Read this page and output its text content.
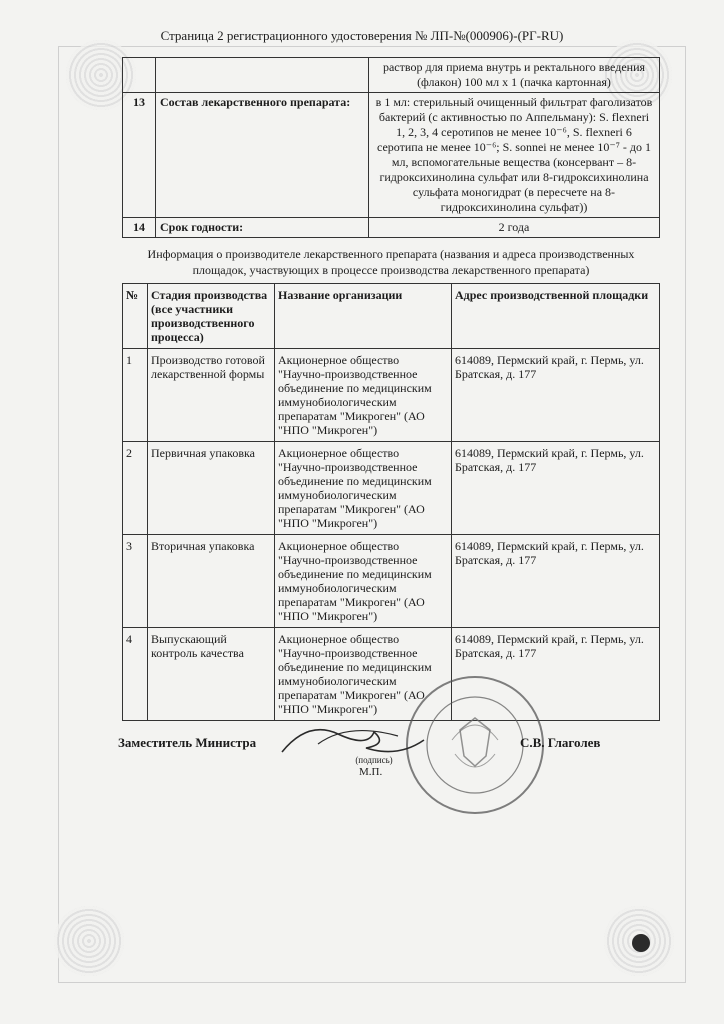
Страница 2 регистрационного удостоверения № ЛП-№(000906)-(РГ-RU)
		раствор для приема внутрь и ректального введения (флакон) 100 мл х 1 (пачка картонная)
13	Состав лекарственного препарата:	в 1 мл: стерильный очищенный фильтрат фаголизатов бактерий (с активностью по Аппельману): S. flexneri 1, 2, 3, 4 серотипов не менее 10⁻⁶, S. flexneri 6 серотипа не менее 10⁻⁶; S. sonnei не менее 10⁻⁷ - до 1 мл, вспомогательные вещества (консервант – 8-гидроксихинолина сульфат или 8-гидроксихинолина сульфата моногидрат (в пересчете на 8-гидроксихинолина сульфат))
14	Срок годности:	2 года
Информация о производителе лекарственного препарата (названия и адреса производственных площадок, участвующих в процессе производства лекарственного препарата)
№	Стадия производства (все участники производственного процесса)	Название организации	Адрес производственной площадки
1	Производство готовой лекарственной формы	Акционерное общество "Научно-производственное объединение по медицинским иммунобиологическим препаратам "Микроген" (АО "НПО "Микроген")	614089, Пермский край, г. Пермь, ул. Братская, д. 177
2	Первичная упаковка	Акционерное общество "Научно-производственное объединение по медицинским иммунобиологическим препаратам "Микроген" (АО "НПО "Микроген")	614089, Пермский край, г. Пермь, ул. Братская, д. 177
3	Вторичная упаковка	Акционерное общество "Научно-производственное объединение по медицинским иммунобиологическим препаратам "Микроген" (АО "НПО "Микроген")	614089, Пермский край, г. Пермь, ул. Братская, д. 177
4	Выпускающий контроль качества	Акционерное общество "Научно-производственное объединение по медицинским иммунобиологическим препаратам "Микроген" (АО "НПО "Микроген")	614089, Пермский край, г. Пермь, ул. Братская, д. 177
Заместитель Министра
(подпись)
М.П.
С.В. Глаголев
